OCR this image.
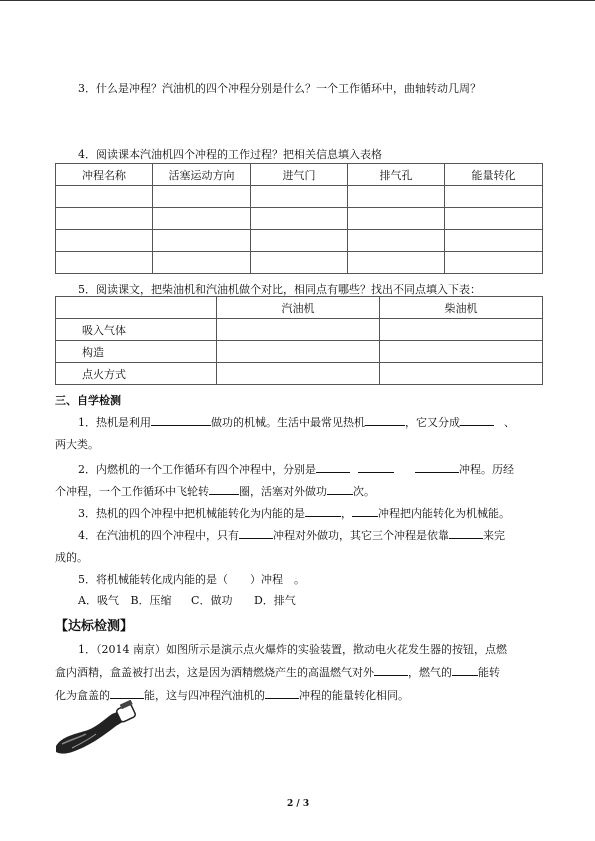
3．什么是冲程？汽油机的四个冲程分别是什么？一个工作循环中，曲轴转动几周？
4．阅读课本汽油机四个冲程的工作过程？把相关信息填入表格
冲程名称	活塞运动方向	进气门	排气孔	能量转化

5．阅读课文，把柴油机和汽油机做个对比，相同点有哪些？找出不同点填入下表：
	汽油机	柴油机
吸入气体		
构造		
点火方式		
三、自学检测
1．热机是利用	做功的机械。生活中最常见热机	，它又分成	、
两大类。
2．内燃机的一个工作循环有四个冲程中，分别是	冲程。历经
个冲程，一个工作循环中飞轮转	圈，活塞对外做功 次。
3．热机的四个冲程中把机械能转化为内能的是	， 冲程把内能转化为机械能。
4．在汽油机的四个冲程中，只有	冲程对外做功，其它三个冲程是依靠	来完
成的。
5．将机械能转化成内能的是（　　）冲程　。
A．吸气 B．压缩 C．做功 D．排气
【达标检测】
1．（2014 南京）如图所示是演示点火爆炸的实验装置，揿动电火花发生器的按钮，点燃
盒内酒精，盒盖被打出去，这是因为酒精燃烧产生的高温燃气对外	，燃气的 能转
化为盒盖的	能，这与四冲程汽油机的	冲程的能量转化相同。
2 / 3
